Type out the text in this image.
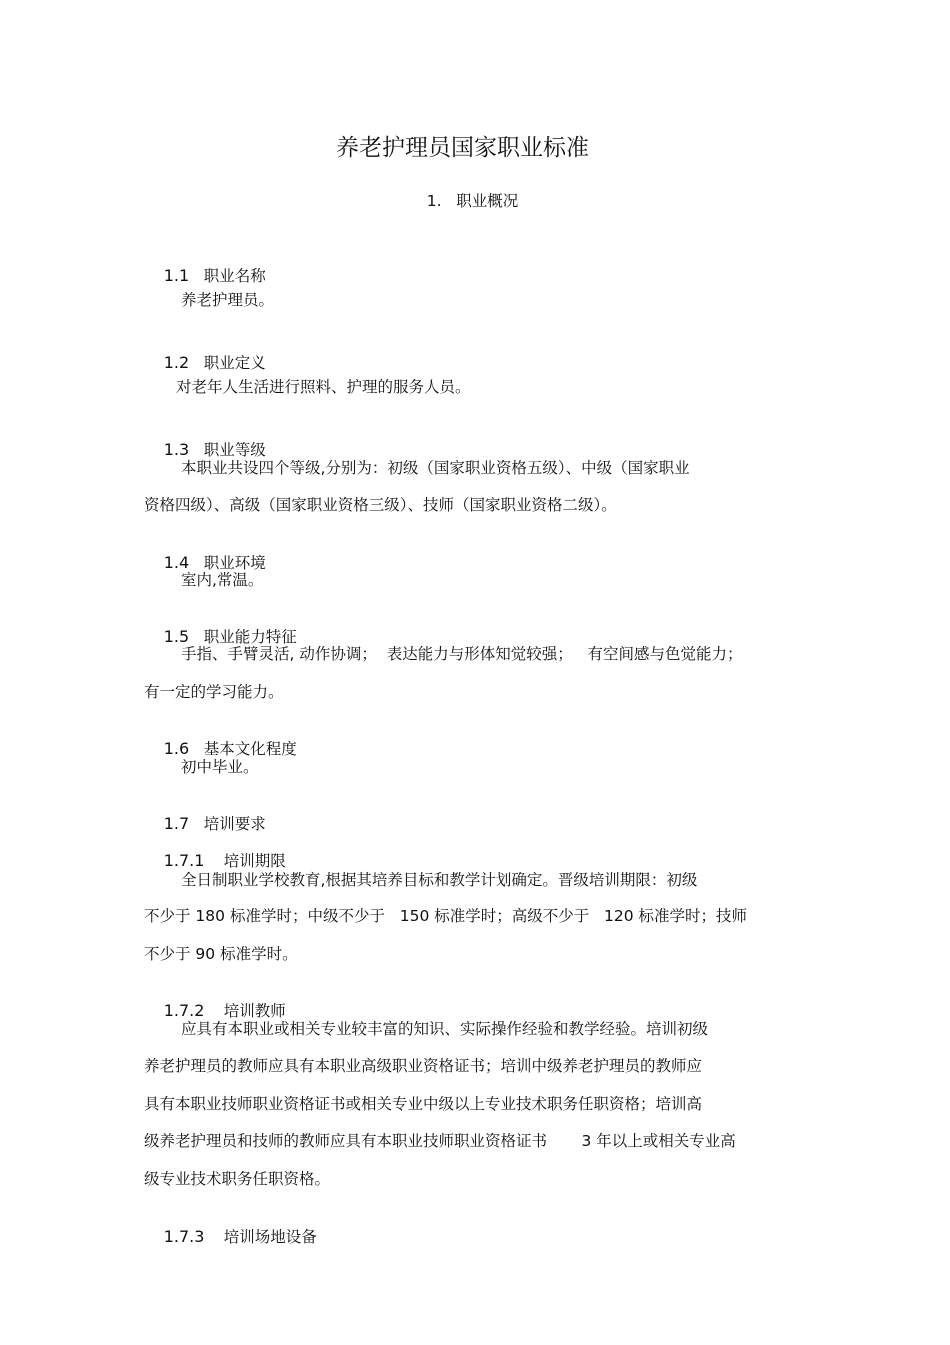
养老护理员国家职业标准
1.   职业概况

1.1 职业名称

养老护理员。

1.2 职业定义

对老年人生活进行照料、护理的服务人员。

1.3 职业等级

本职业共设四个等级,分别为：初级（国家职业资格五级）、中级（国家职业
资格四级）、高级（国家职业资格三级）、技师（国家职业资格二级）。

1.4 职业环境

室内,常温。

1.5 职业能力特征

手指、手臂灵活, 动作协调；  表达能力与形体知觉较强；   有空间感与色觉能力；
有一定的学习能力。

1.6 基本文化程度

初中毕业。

1.7 培训要求

1.7.1 培训期限

全日制职业学校教育,根据其培养目标和教学计划确定。晋级培训期限：初级
不少于 180 标准学时；中级不少于   150 标准学时；高级不少于   120 标准学时；技师
不少于 90 标准学时。

1.7.2 培训教师

应具有本职业或相关专业较丰富的知识、实际操作经验和教学经验。培训初级
养老护理员的教师应具有本职业高级职业资格证书；培训中级养老护理员的教师应
具有本职业技师职业资格证书或相关专业中级以上专业技术职务任职资格；培训高
级养老护理员和技师的教师应具有本职业技师职业资格证书       3 年以上或相关专业高
级专业技术职务任职资格。

1.7.3 培训场地设备
